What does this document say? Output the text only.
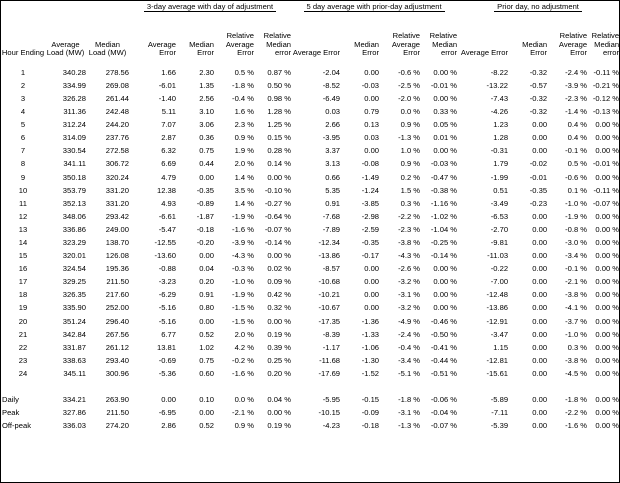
			3-day average with day of adjustment				5 day average with prior-day adjustment				Prior day, no adjustment			
Hour Ending	Average Load (MW)	Median Load (MW)	Average Error	Median Error	Relative Average Error	Relative Median error	Average Error	Median Error	Relative Average Error	Relative Median error	Average Error	Median Error	Relative Average Error	Relative Median error

1	340.28	278.56	1.66	2.30	0.5 %	0.87 %	-2.04	0.00	-0.6 %	0.00 %	-8.22	-0.32	-2.4 %	-0.11 %
2	334.99	269.08	-6.01	1.35	-1.8 %	0.50 %	-8.52	-0.03	-2.5 %	-0.01 %	-13.22	-0.57	-3.9 %	-0.21 %
3	326.28	261.44	-1.40	2.56	-0.4 %	0.98 %	-6.49	0.00	-2.0 %	0.00 %	-7.43	-0.32	-2.3 %	-0.12 %
4	311.36	242.48	5.11	3.10	1.6 %	1.28 %	0.03	0.79	0.0 %	0.33 %	-4.26	-0.32	-1.4 %	-0.13 %
5	312.24	244.20	7.07	3.06	2.3 %	1.25 %	2.66	0.13	0.9 %	0.05 %	1.23	0.00	0.4 %	0.00 %
6	314.09	237.76	2.87	0.36	0.9 %	0.15 %	-3.95	0.03	-1.3 %	0.01 %	1.28	0.00	0.4 %	0.00 %
7	330.54	272.58	6.32	0.75	1.9 %	0.28 %	3.37	0.00	1.0 %	0.00 %	-0.31	0.00	-0.1 %	0.00 %
8	341.11	306.72	6.69	0.44	2.0 %	0.14 %	3.13	-0.08	0.9 %	-0.03 %	1.79	-0.02	0.5 %	-0.01 %
9	350.18	320.24	4.79	0.00	1.4 %	0.00 %	0.66	-1.49	0.2 %	-0.47 %	-1.99	-0.01	-0.6 %	0.00 %
10	353.79	331.20	12.38	-0.35	3.5 %	-0.10 %	5.35	-1.24	1.5 %	-0.38 %	0.51	-0.35	0.1 %	-0.11 %
11	352.13	331.20	4.93	-0.89	1.4 %	-0.27 %	0.91	-3.85	0.3 %	-1.16 %	-3.49	-0.23	-1.0 %	-0.07 %
12	348.06	293.42	-6.61	-1.87	-1.9 %	-0.64 %	-7.68	-2.98	-2.2 %	-1.02 %	-6.53	0.00	-1.9 %	0.00 %
13	336.86	249.00	-5.47	-0.18	-1.6 %	-0.07 %	-7.89	-2.59	-2.3 %	-1.04 %	-2.70	0.00	-0.8 %	0.00 %
14	323.29	138.70	-12.55	-0.20	-3.9 %	-0.14 %	-12.34	-0.35	-3.8 %	-0.25 %	-9.81	0.00	-3.0 %	0.00 %
15	320.01	126.08	-13.60	0.00	-4.3 %	0.00 %	-13.86	-0.17	-4.3 %	-0.14 %	-11.03	0.00	-3.4 %	0.00 %
16	324.54	195.36	-0.88	0.04	-0.3 %	0.02 %	-8.57	0.00	-2.6 %	0.00 %	-0.22	0.00	-0.1 %	0.00 %
17	329.25	211.50	-3.23	0.20	-1.0 %	0.09 %	-10.68	0.00	-3.2 %	0.00 %	-7.00	0.00	-2.1 %	0.00 %
18	326.35	217.60	-6.29	0.91	-1.9 %	0.42 %	-10.21	0.00	-3.1 %	0.00 %	-12.48	0.00	-3.8 %	0.00 %
19	335.90	252.00	-5.16	0.80	-1.5 %	0.32 %	-10.67	0.00	-3.2 %	0.00 %	-13.86	0.00	-4.1 %	0.00 %
20	351.24	296.40	-5.16	0.00	-1.5 %	0.00 %	-17.35	-1.36	-4.9 %	-0.46 %	-12.91	0.00	-3.7 %	0.00 %
21	342.84	267.56	6.77	0.52	2.0 %	0.19 %	-8.39	-1.33	-2.4 %	-0.50 %	-3.47	0.00	-1.0 %	0.00 %
22	331.87	261.12	13.81	1.02	4.2 %	0.39 %	-1.17	-1.06	-0.4 %	-0.41 %	1.15	0.00	0.3 %	0.00 %
23	338.63	293.40	-0.69	0.75	-0.2 %	0.25 %	-11.68	-1.30	-3.4 %	-0.44 %	-12.81	0.00	-3.8 %	0.00 %
24	345.11	300.96	-5.36	0.60	-1.6 %	0.20 %	-17.69	-1.52	-5.1 %	-0.51 %	-15.61	0.00	-4.5 %	0.00 %

Daily	334.21	263.90	0.00	0.10	0.0 %	0.04 %	-5.95	-0.15	-1.8 %	-0.06 %	-5.89	0.00	-1.8 %	0.00 %
Peak	327.86	211.50	-6.95	0.00	-2.1 %	0.00 %	-10.15	-0.09	-3.1 %	-0.04 %	-7.11	0.00	-2.2 %	0.00 %
Off-peak	336.03	274.20	2.86	0.52	0.9 %	0.19 %	-4.23	-0.18	-1.3 %	-0.07 %	-5.39	0.00	-1.6 %	0.00 %
